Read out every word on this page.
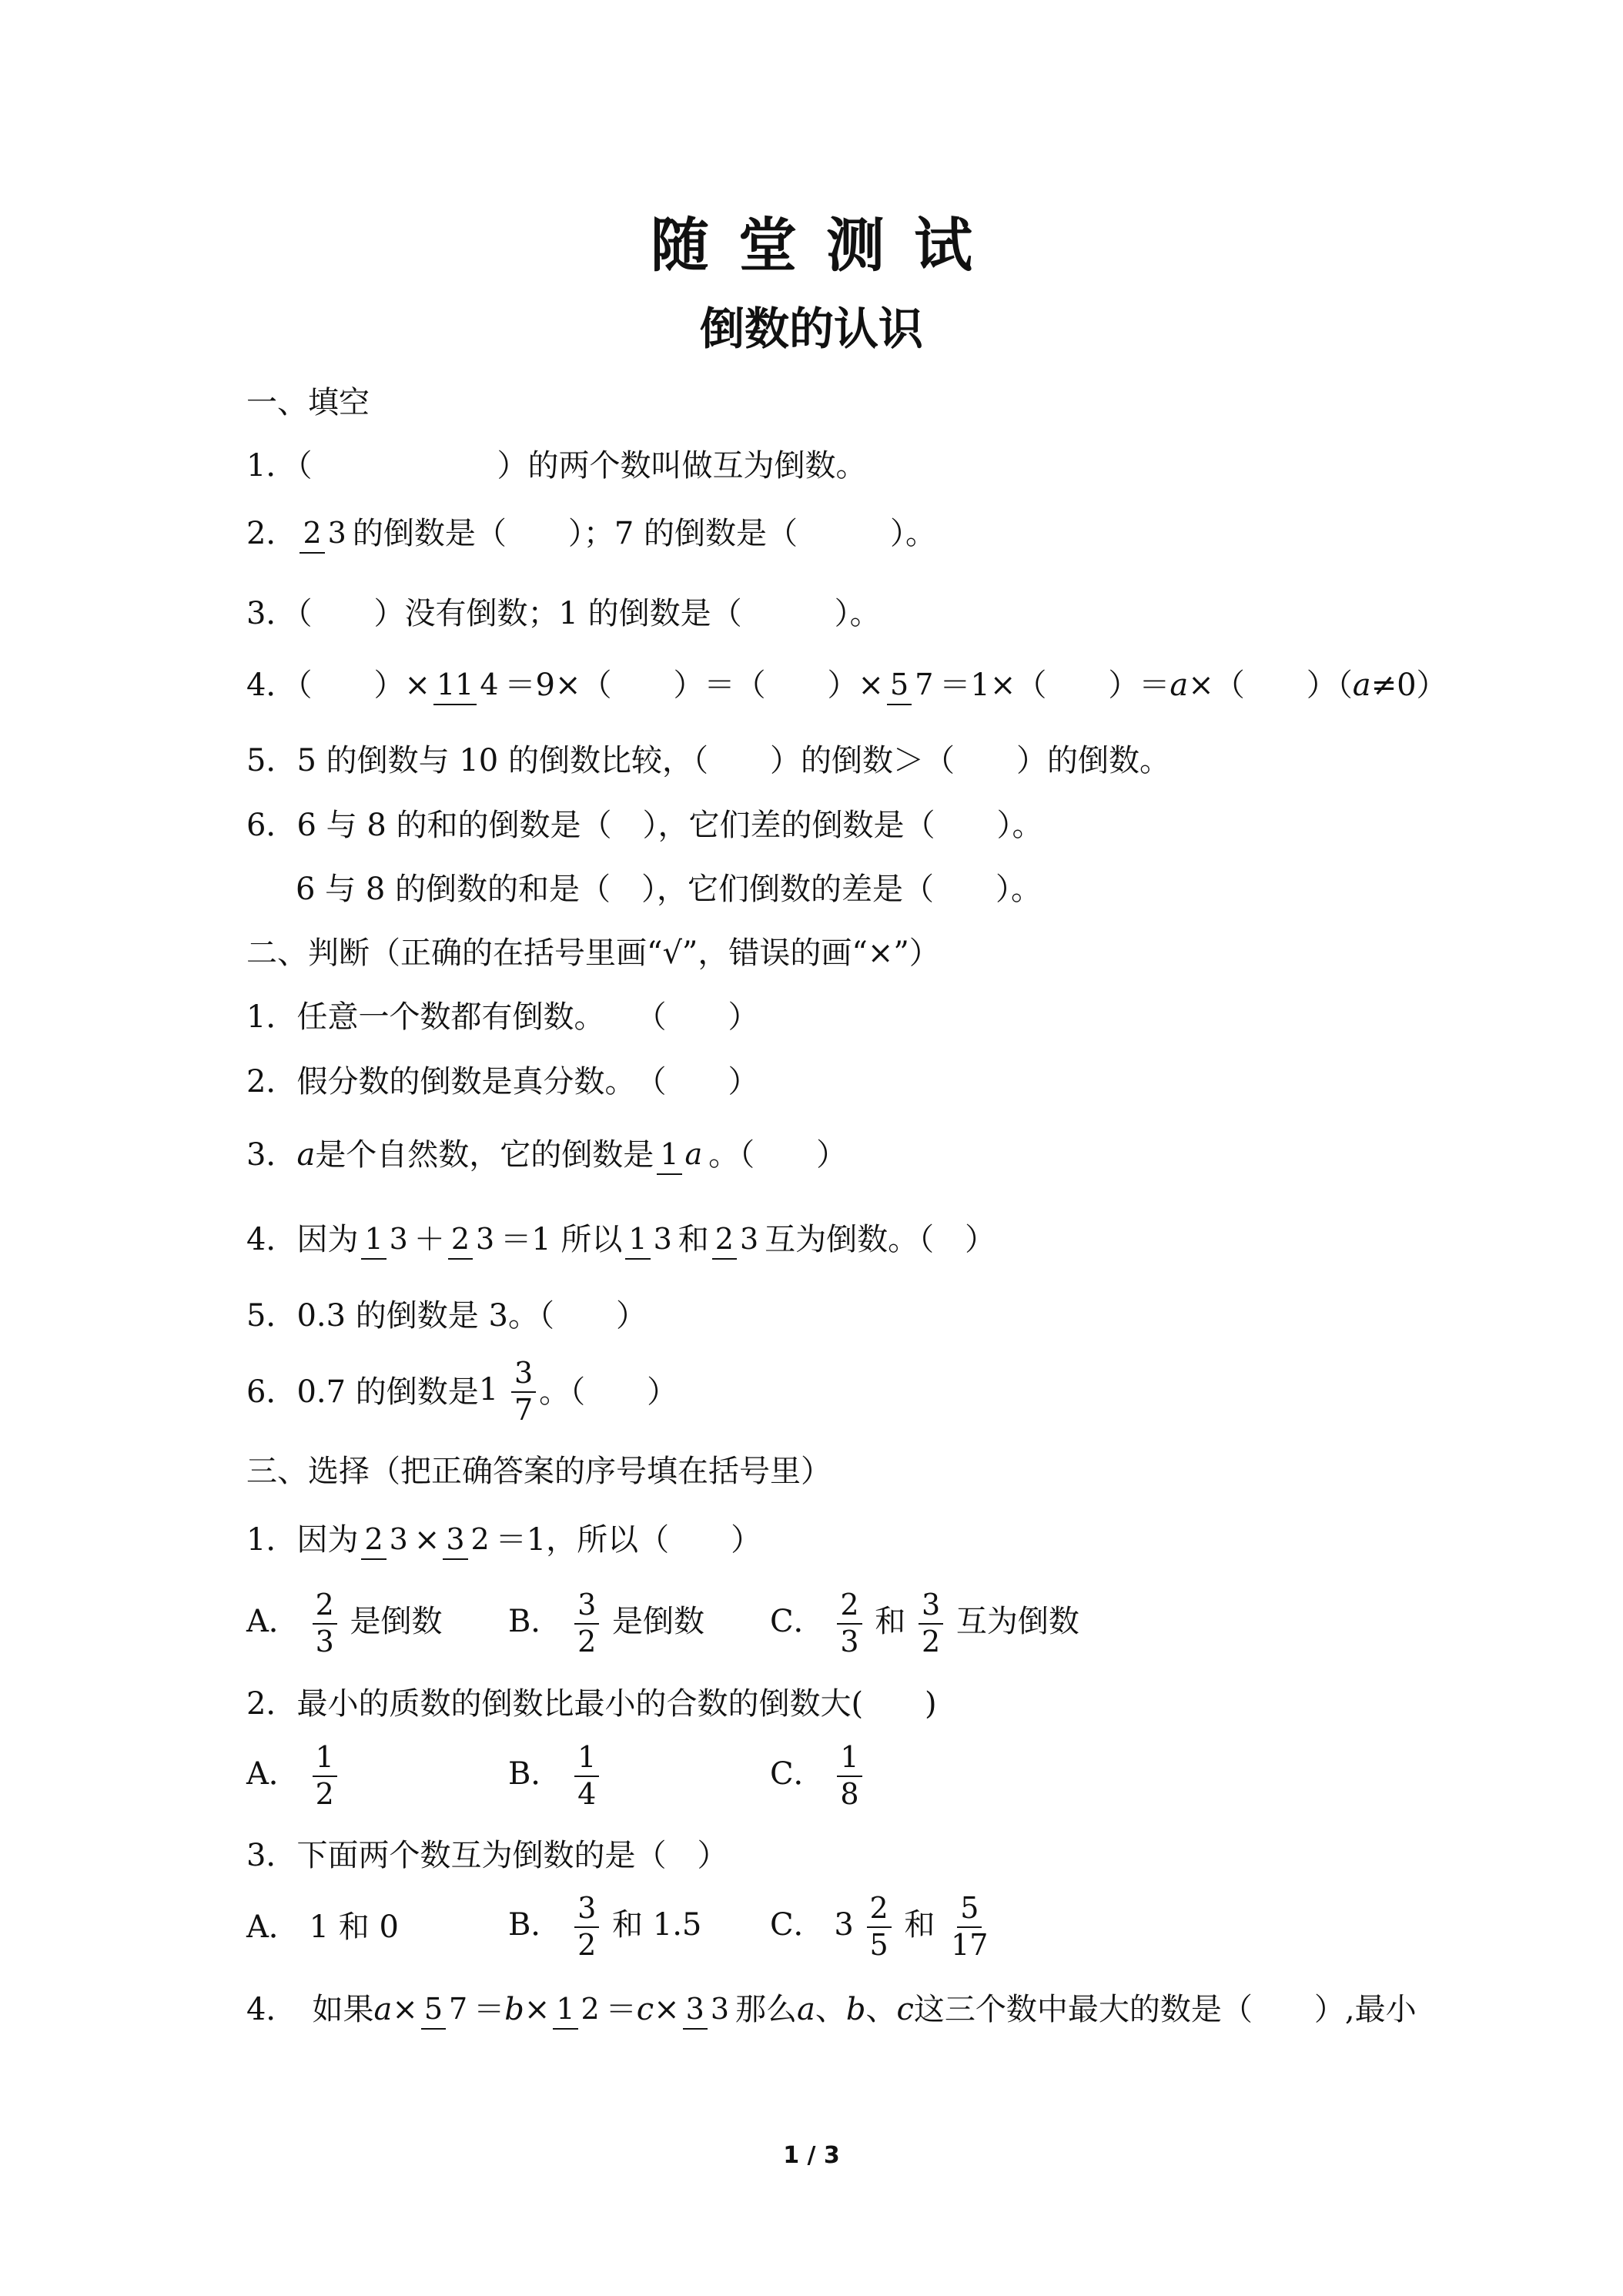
随堂测试
倒数的认识
一、填空
1．（　　　　　　）的两个数叫做互为倒数。
2． 2 3 的倒数是（　　）；7 的倒数是（　　　）。
3．（　　）没有倒数；1 的倒数是（　　　）。
4．（　　）× 11 4 ＝9×（　　）＝（　　）× 5 7 ＝1×（　　）＝ a ×（　　）（ a ≠0）
5．5 的倒数与 10 的倒数比较，（　　）的倒数＞（　　）的倒数。
6．6 与 8 的和的倒数是（　），它们差的倒数是（　　）。
6 与 8 的倒数的和是（　），它们倒数的差是（　　）。
二、判断（正确的在括号里画“√”，错误的画“×”）
1．任意一个数都有倒数。　　（　　）
2．假分数的倒数是真分数。　（　　）
3． a 是个自然数，它的倒数是 1 a 。（　　）
4．因为 1 3 ＋ 2 3 ＝1 所以 1 3 和 2 3 互为倒数。（　）
5．0.3 的倒数是 3。（　　）
6．0.7 的倒数是 $1 \frac{3}{7}$ 。（　　）
三、选择（把正确答案的序号填在括号里）
1．因为 2 3 × 3 2 ＝1，所以（　　）
A． $\frac{2}{3}$ 是倒数	B． $\frac{3}{2}$ 是倒数	C． $\frac{2}{3}$ 和 $\frac{3}{2}$ 互为倒数
2．最小的质数的倒数比最小的合数的倒数大(　　)
A． $\frac{1}{2}$	B． $\frac{1}{4}$	C． $\frac{1}{8}$
3．下面两个数互为倒数的是（　）
A． 1 和 0	B． $\frac{3}{2}$ 和 1.5	C． $3 \frac{2}{5}$ 和 $\frac{5}{17}$
4．　如果 a × 5 7 ＝ b × 1 2 ＝ c × 3 3 那么 a 、 b 、 c 这三个数中最大的数是（　　）,最小
1 / 3
